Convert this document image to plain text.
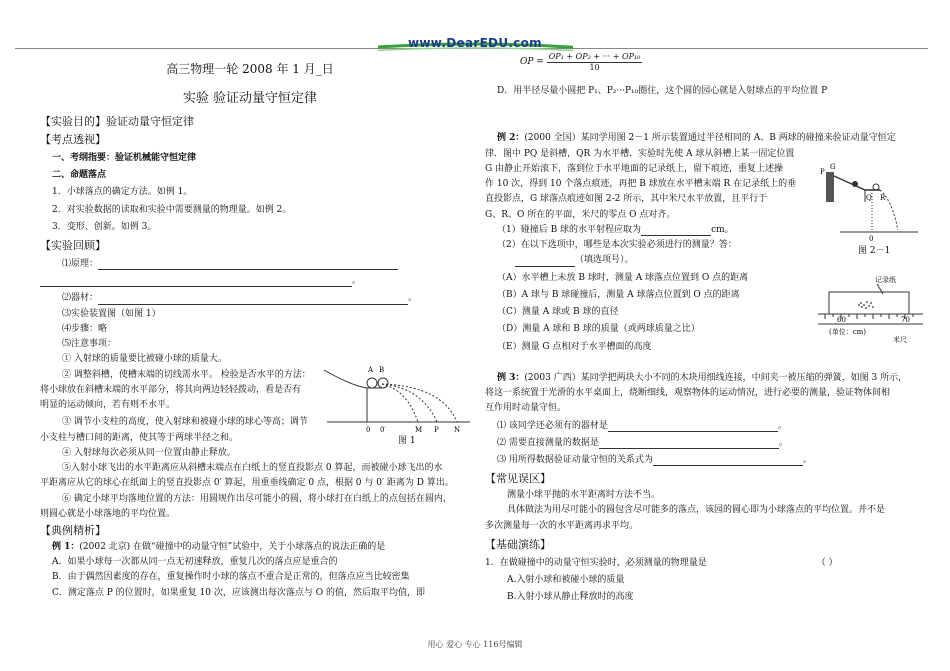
www.DearEDU.com

高三物理一轮 2008 年 1 月_日

实验 验证动量守恒定律

【实验目的】验证动量守恒定律

【考点透视】

一、考纲指要：验证机械能守恒定律

二、命题落点

1．小球落点的确定方法。如例 1。

2．对实验数据的读取和实验中需要测量的物理量。如例 2。

3．变形、创新。如例 3。

【实验回顾】

⑴原理：

。

⑵器材：	。

⑶实验装置图（如图 1）

⑷步骤：略

⑸注意事项：

① 入射球的质量要比被碰小球的质量大。

② 调整斜槽，使槽末端的切线需水平。 检验是否水平的方法：

将小球放在斜槽末端的水平部分，将其向两边轻轻拨动，看是否有

明显的运动倾向，若有则不水平。

③ 调节小支柱的高度，使入射球和被碰小球的球心等高；调节

小支柱与槽口间的距离，使其等于两球半径之和。

④ 入射球每次必须从同一位置由静止释放。

⑤入射小球飞出的水平距离应从斜槽末端点在白纸上的竖直投影点 0 算起，而被碰小球飞出的水

平距离应从它的球心在纸面上的竖直投影点 0′ 算起，用重垂线确定 0 点，根据 0 与 0′ 距离为 D 算出。

⑥ 确定小球平均落地位置的方法：用圆规作出尽可能小的圆，将小球打在白纸上的点包括在圆内，

则圆心就是小球落地的平均位置。

【典例精析】

例 1：(2002 北京) 在做“碰撞中的动量守恒”试验中，关于小球落点的说法正确的是

A．如果小球每一次都从同一点无初速释放，重复几次的落点应是重合的

B．由于偶然因素度的存在，重复操作时小球的落点不重合是正常的，但落点应当比较密集

C．测定落点 P 的位置时，如果重复 10 次，应该测出每次落点与 O 的值，然后取平均值，即

A B
0 0′	M P N
图 1
OP = $\frac{\text{OP₁ + OP₂ + ··· + OP₁₀}}{10}$

D．用半径尽量小圆把 P₁、P₂···P₁₀圈住，这个圆的园心就是入射球点的平均位置 P

例 2：(2000 全国）某同学用图 2－1 所示装置通过半径相同的 A、B 两球的碰撞来验证动量守恒定

律．图中 PQ 是斜槽，QR 为水平槽．实验时先使 A 球从斜槽上某一固定位置

G 由静止开始滚下，落到位于水平地面的记录纸上，留下痕迹，重复上述操

作 10 次，得到 10 个落点痕迹，再把 B 球放在水平槽末端 R 在记录纸上的垂

直投影点，G 球落点痕迹如图 2-2 所示，其中米尺水平放置，且平行于

G、R、O 所在的平面，米尺的零点 O 点对齐。

（1）碰撞后 B 球的水平射程应取为	cm。

（2）在以下选项中，哪些是本次实验必须进行的测量？答：

（填选项号）。

（A）水平槽上未放 B 球时，测量 A 球落点位置到 O 点的距离

（B）A 球与 B 球碰撞后，测量 A 球落点位置到 O 点的距离

（C）测量 A 球或 B 球的直径

（D）测量 A 球和 B 球的质量（或两球质量之比）

（E）测量 G 点相对于水平槽面的高度

例 3：(2003 广西）某同学把两块大小不同的木块用细线连接，中间夹一被压缩的弹簧，如图 3 所示，

将这一系统置于光滑的水平桌面上，烧断细线，观察物体的运动情况，进行必要的测量，验证物体间相

互作用时动量守恒。

⑴ 该同学还必须有的器材是	。

⑵ 需要直接测量的数据是	。

⑶ 用所得数据验证动量守恒的关系式为	。

【常见误区】

测量小球平抛的水平距离时方法不当。

具体做法为用尽可能小的圆包含尽可能多的落点，该园的圆心即为小球落点的平均位置。并不是

多次测量每一次的水平距离再求平均。

【基础演练】

1．在做碰撞中的动量守恒实验时，必须测量的物理量是	（ ）

A.入射小球和被碰小球的质量

B.入射小球从静止释放时的高度

G
P
Q R
0
图 2－1
记录纸
60	70
(单位：cm)
米尺
用心 爱心 专心 116号编辑
